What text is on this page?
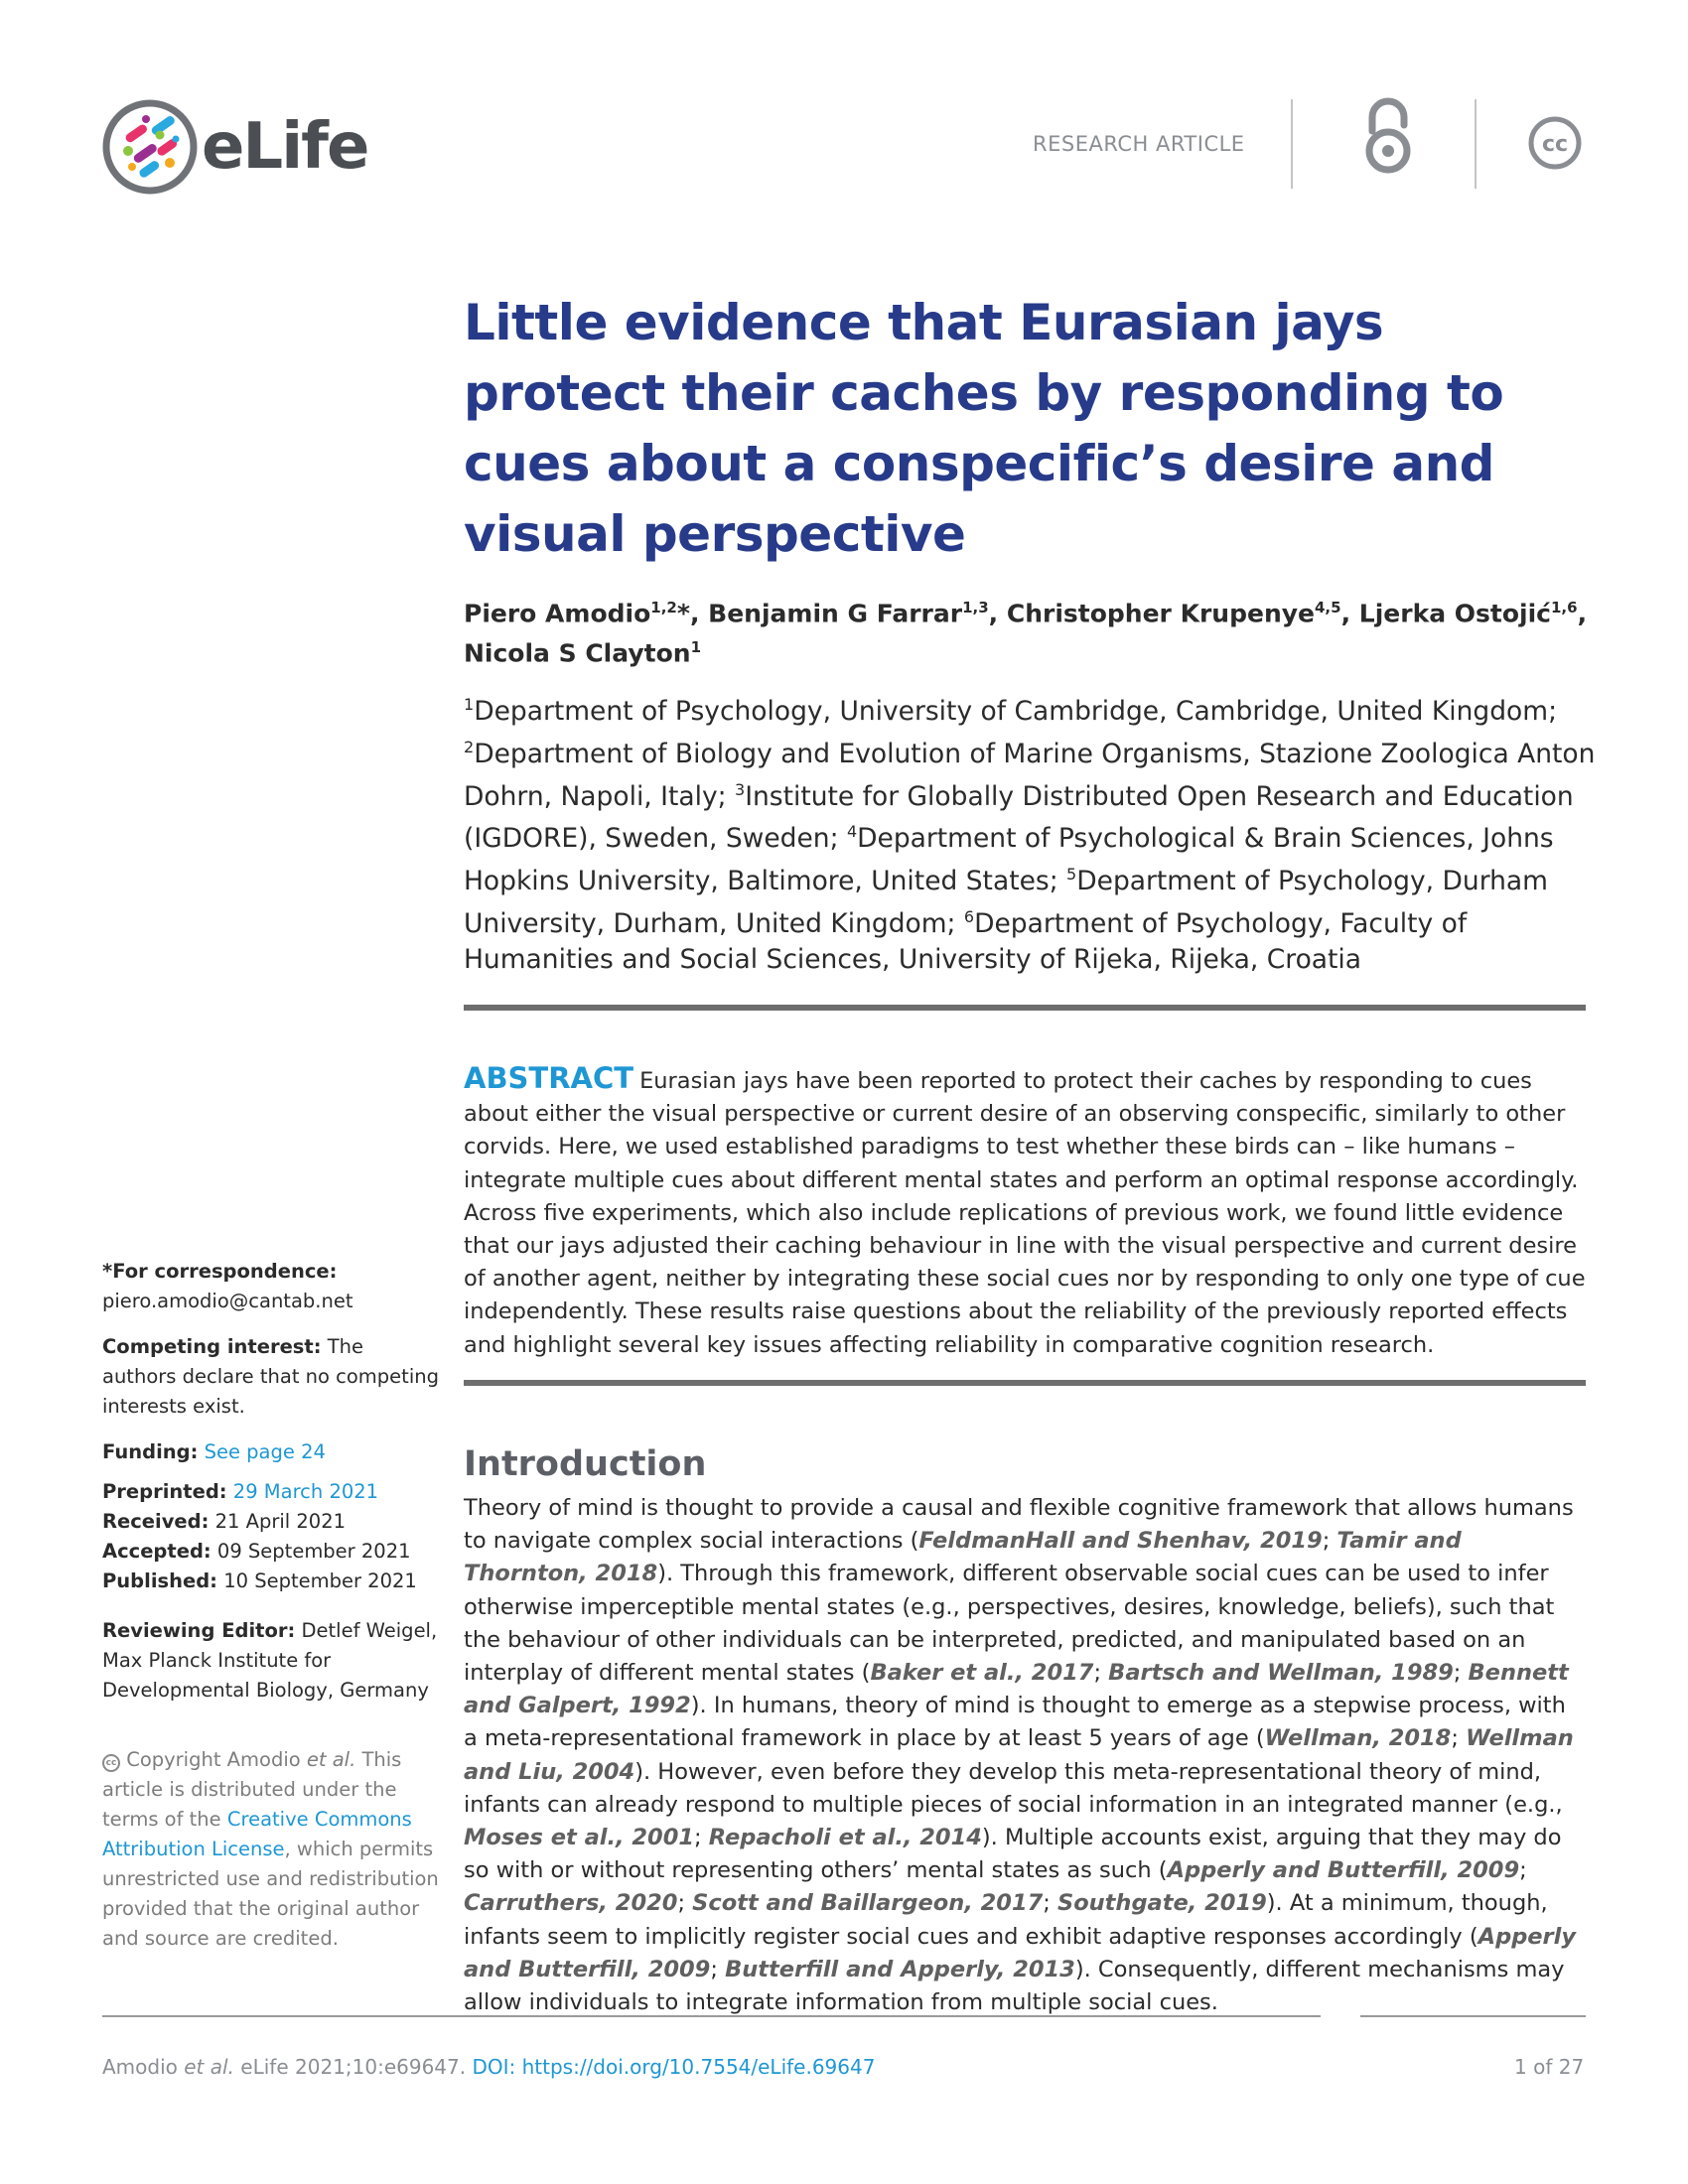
eLife	RESEARCH ARTICLE	cc
Little evidence that Eurasian jays protect their caches by responding to cues about a conspecific’s desire and visual perspective
Piero Amodio$^{1,2}$*, Benjamin G Farrar$^{1,3}$, Christopher Krupenye$^{4,5}$, Ljerka Ostojić$^{1,6}$, Nicola S Clayton$^1$
$^1$Department of Psychology, University of Cambridge, Cambridge, United Kingdom; $^2$Department of Biology and Evolution of Marine Organisms, Stazione Zoologica Anton Dohrn, Napoli, Italy; $^3$Institute for Globally Distributed Open Research and Education (IGDORE), Sweden, Sweden; $^4$Department of Psychological & Brain Sciences, Johns Hopkins University, Baltimore, United States; $^5$Department of Psychology, Durham University, Durham, United Kingdom; $^6$Department of Psychology, Faculty of Humanities and Social Sciences, University of Rijeka, Rijeka, Croatia

ABSTRACT Eurasian jays have been reported to protect their caches by responding to cues about either the visual perspective or current desire of an observing conspecific, similarly to other corvids. Here, we used established paradigms to test whether these birds can – like humans – integrate multiple cues about different mental states and perform an optimal response accordingly. Across five experiments, which also include replications of previous work, we found little evidence that our jays adjusted their caching behaviour in line with the visual perspective and current desire of another agent, neither by integrating these social cues nor by responding to only one type of cue independently. These results raise questions about the reliability of the previously reported effects and highlight several key issues affecting reliability in comparative cognition research.

Introduction

Theory of mind is thought to provide a causal and flexible cognitive framework that allows humans to navigate complex social interactions (FeldmanHall and Shenhav, 2019; Tamir and Thornton, 2018). Through this framework, different observable social cues can be used to infer otherwise imperceptible mental states (e.g., perspectives, desires, knowledge, beliefs), such that the behaviour of other individuals can be interpreted, predicted, and manipulated based on an interplay of different mental states (Baker et al., 2017; Bartsch and Wellman, 1989; Bennett and Galpert, 1992). In humans, theory of mind is thought to emerge as a stepwise process, with a meta-representational framework in place by at least 5 years of age (Wellman, 2018; Wellman and Liu, 2004). However, even before they develop this meta-representational theory of mind, infants can already respond to multiple pieces of social information in an integrated manner (e.g., Moses et al., 2001; Repacholi et al., 2014). Multiple accounts exist, arguing that they may do so with or without representing others’ mental states as such (Apperly and Butterfill, 2009; Carruthers, 2020; Scott and Baillargeon, 2017; Southgate, 2019). At a minimum, though, infants seem to implicitly register social cues and exhibit adaptive responses accordingly (Apperly and Butterfill, 2009; Butterfill and Apperly, 2013). Consequently, different mechanisms may allow individuals to integrate information from multiple social cues.

*For correspondence:
piero.amodio@cantab.net
Competing interest: The authors declare that no competing interests exist.
Funding: See page 24
Preprinted: 29 March 2021
Received: 21 April 2021
Accepted: 09 September 2021
Published: 10 September 2021
Reviewing Editor: Detlef Weigel, Max Planck Institute for Developmental Biology, Germany
cc Copyright Amodio et al. This article is distributed under the terms of the Creative Commons Attribution License, which permits unrestricted use and redistribution provided that the original author and source are credited.
Amodio et al. eLife 2021;10:e69647. DOI: https://doi.org/10.7554/eLife.69647	1 of 27
